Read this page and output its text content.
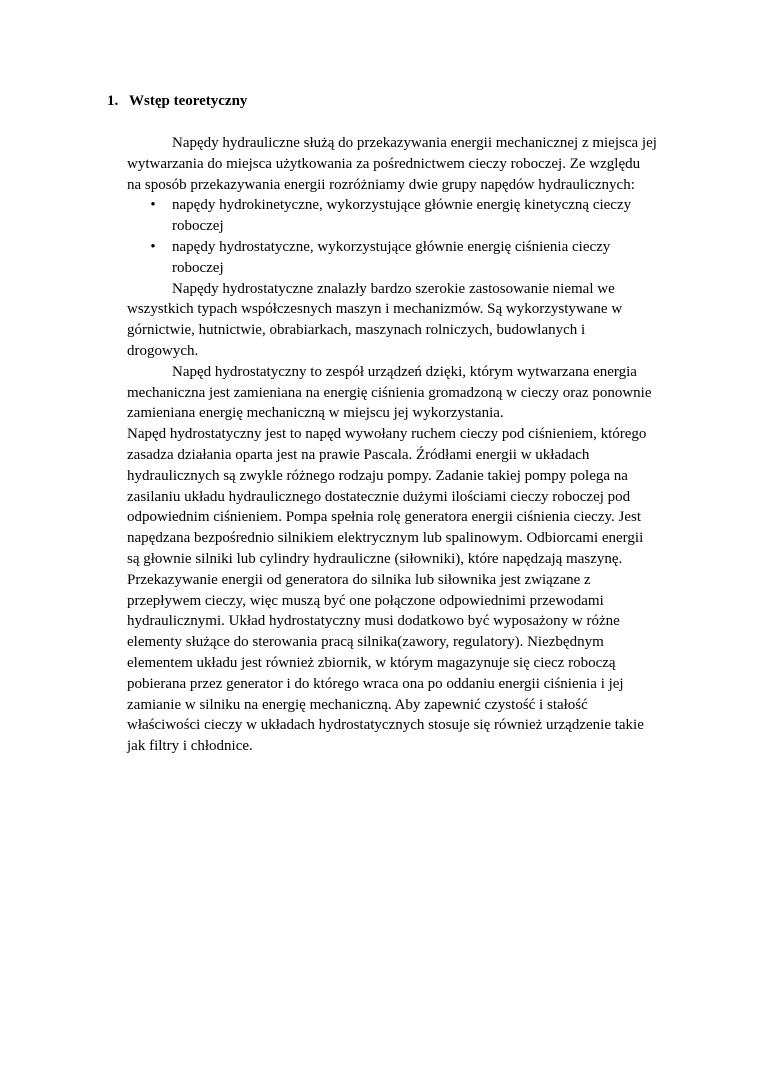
1. Wstęp teoretyczny
Napędy hydrauliczne służą do przekazywania energii mechanicznej z miejsca jej
wytwarzania do miejsca użytkowania za pośrednictwem cieczy roboczej. Ze względu
na sposób przekazywania energii rozróżniamy dwie grupy napędów hydraulicznych:
• napędy hydrokinetyczne, wykorzystujące głównie energię kinetyczną cieczy
roboczej
• napędy hydrostatyczne, wykorzystujące głównie energię ciśnienia cieczy
roboczej
Napędy hydrostatyczne znalazły bardzo szerokie zastosowanie niemal we
wszystkich typach współczesnych maszyn i mechanizmów. Są wykorzystywane w
górnictwie, hutnictwie, obrabiarkach, maszynach rolniczych, budowlanych i
drogowych.
Napęd hydrostatyczny to zespół urządzeń dzięki, którym wytwarzana energia
mechaniczna jest zamieniana na energię ciśnienia gromadzoną w cieczy oraz ponownie
zamieniana energię mechaniczną w miejscu jej wykorzystania.
Napęd hydrostatyczny jest to napęd wywołany ruchem cieczy pod ciśnieniem, którego
zasadza działania oparta jest na prawie Pascala. Źródłami energii w układach
hydraulicznych są zwykle różnego rodzaju pompy. Zadanie takiej pompy polega na
zasilaniu układu hydraulicznego dostatecznie dużymi ilościami cieczy roboczej pod
odpowiednim ciśnieniem. Pompa spełnia rolę generatora energii ciśnienia cieczy. Jest
napędzana bezpośrednio silnikiem elektrycznym lub spalinowym. Odbiorcami energii
są głownie silniki lub cylindry hydrauliczne (siłowniki), które napędzają maszynę.
Przekazywanie energii od generatora do silnika lub siłownika jest związane z
przepływem cieczy, więc muszą być one połączone odpowiednimi przewodami
hydraulicznymi. Układ hydrostatyczny musi dodatkowo być wyposażony w różne
elementy służące do sterowania pracą silnika(zawory, regulatory). Niezbędnym
elementem układu jest również zbiornik, w którym magazynuje się ciecz roboczą
pobierana przez generator i do którego wraca ona po oddaniu energii ciśnienia i jej
zamianie w silniku na energię mechaniczną. Aby zapewnić czystość i stałość
właściwości cieczy w układach hydrostatycznych stosuje się również urządzenie takie
jak filtry i chłodnice.
